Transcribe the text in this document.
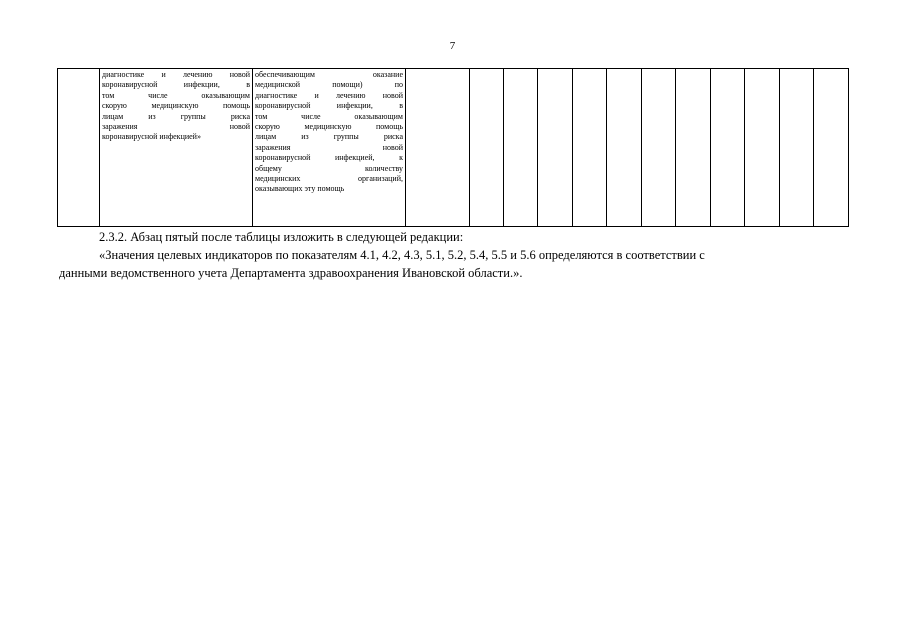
7

диагностике и лечению новой
коронавирусной инфекции, в
том числе оказывающим
скорую медицинскую помощь
лицам из группы риска
заражения новой
коронавирусной инфекцией»

обеспечивающим оказание
медицинской помощи) по
диагностике и лечению новой
коронавирусной инфекции, в
том числе оказывающим
скорую медицинскую помощь
лицам из группы риска
заражения новой
коронавирусной инфекцией, к
общему количеству
медицинских организаций,
оказывающих эту помощь

2.3.2. Абзац пятый после таблицы изложить в следующей редакции:
«Значения целевых индикаторов по показателям 4.1, 4.2, 4.3, 5.1, 5.2, 5.4, 5.5 и 5.6 определяются в соответствии с
данными ведомственного учета Департамента здравоохранения Ивановской области.».
